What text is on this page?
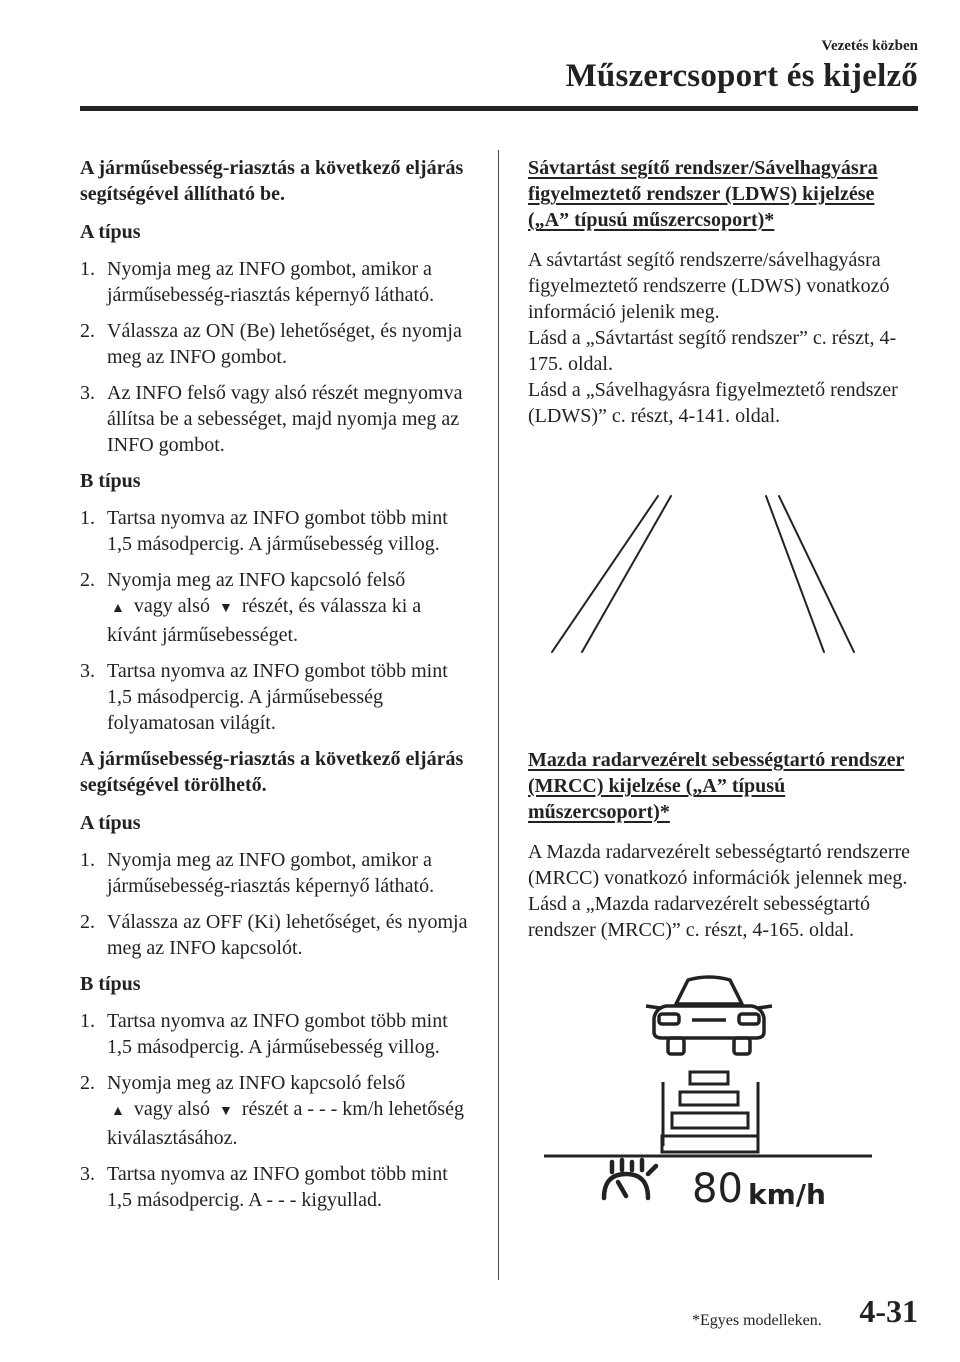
Vezetés közben
Műszercsoport és kijelző

A járműsebesség-riasztás a következő eljárás segítségével állítható be.

A típus

1. Nyomja meg az INFO gombot, amikor a járműsebesség-riasztás képernyő látható.
2. Válassza az ON (Be) lehetőséget, és nyomja meg az INFO gombot.
3. Az INFO felső vagy alsó részét megnyomva állítsa be a sebességet, majd nyomja meg az INFO gombot.

B típus

1. Tartsa nyomva az INFO gombot több mint 1,5 másodpercig. A járműsebesség villog.
2. Nyomja meg az INFO kapcsoló felső
▲ vagy alsó ▼ részét, és válassza ki a kívánt járműsebességet.
3. Tartsa nyomva az INFO gombot több mint 1,5 másodpercig. A járműsebesség folyamatosan világít.

A járműsebesség-riasztás a következő eljárás segítségével törölhető.

A típus

1. Nyomja meg az INFO gombot, amikor a járműsebesség-riasztás képernyő látható.
2. Válassza az OFF (Ki) lehetőséget, és nyomja meg az INFO kapcsolót.

B típus

1. Tartsa nyomva az INFO gombot több mint 1,5 másodpercig. A járműsebesség villog.
2. Nyomja meg az INFO kapcsoló felső
▲ vagy alsó ▼ részét a - - - km/h lehetőség kiválasztásához.
3. Tartsa nyomva az INFO gombot több mint 1,5 másodpercig. A - - - kigyullad.

Sávtartást segítő rendszer/Sávelhagyásra figyelmeztető rendszer (LDWS) kijelzése („A” típusú műszercsoport)*

A sávtartást segítő rendszerre/sávelhagyásra figyelmeztető rendszerre (LDWS) vonatkozó információ jelenik meg.

Lásd a „Sávtartást segítő rendszer” c. részt, 4-175. oldal.

Lásd a „Sávelhagyásra figyelmeztető rendszer (LDWS)” c. részt, 4-141. oldal.

Mazda radarvezérelt sebességtartó rendszer (MRCC) kijelzése („A” típusú műszercsoport)*

A Mazda radarvezérelt sebességtartó rendszerre (MRCC) vonatkozó információk jelennek meg. Lásd a „Mazda radarvezérelt sebességtartó rendszer (MRCC)” c. részt, 4-165. oldal.

80 km/h
*Egyes modelleken. 4-31
